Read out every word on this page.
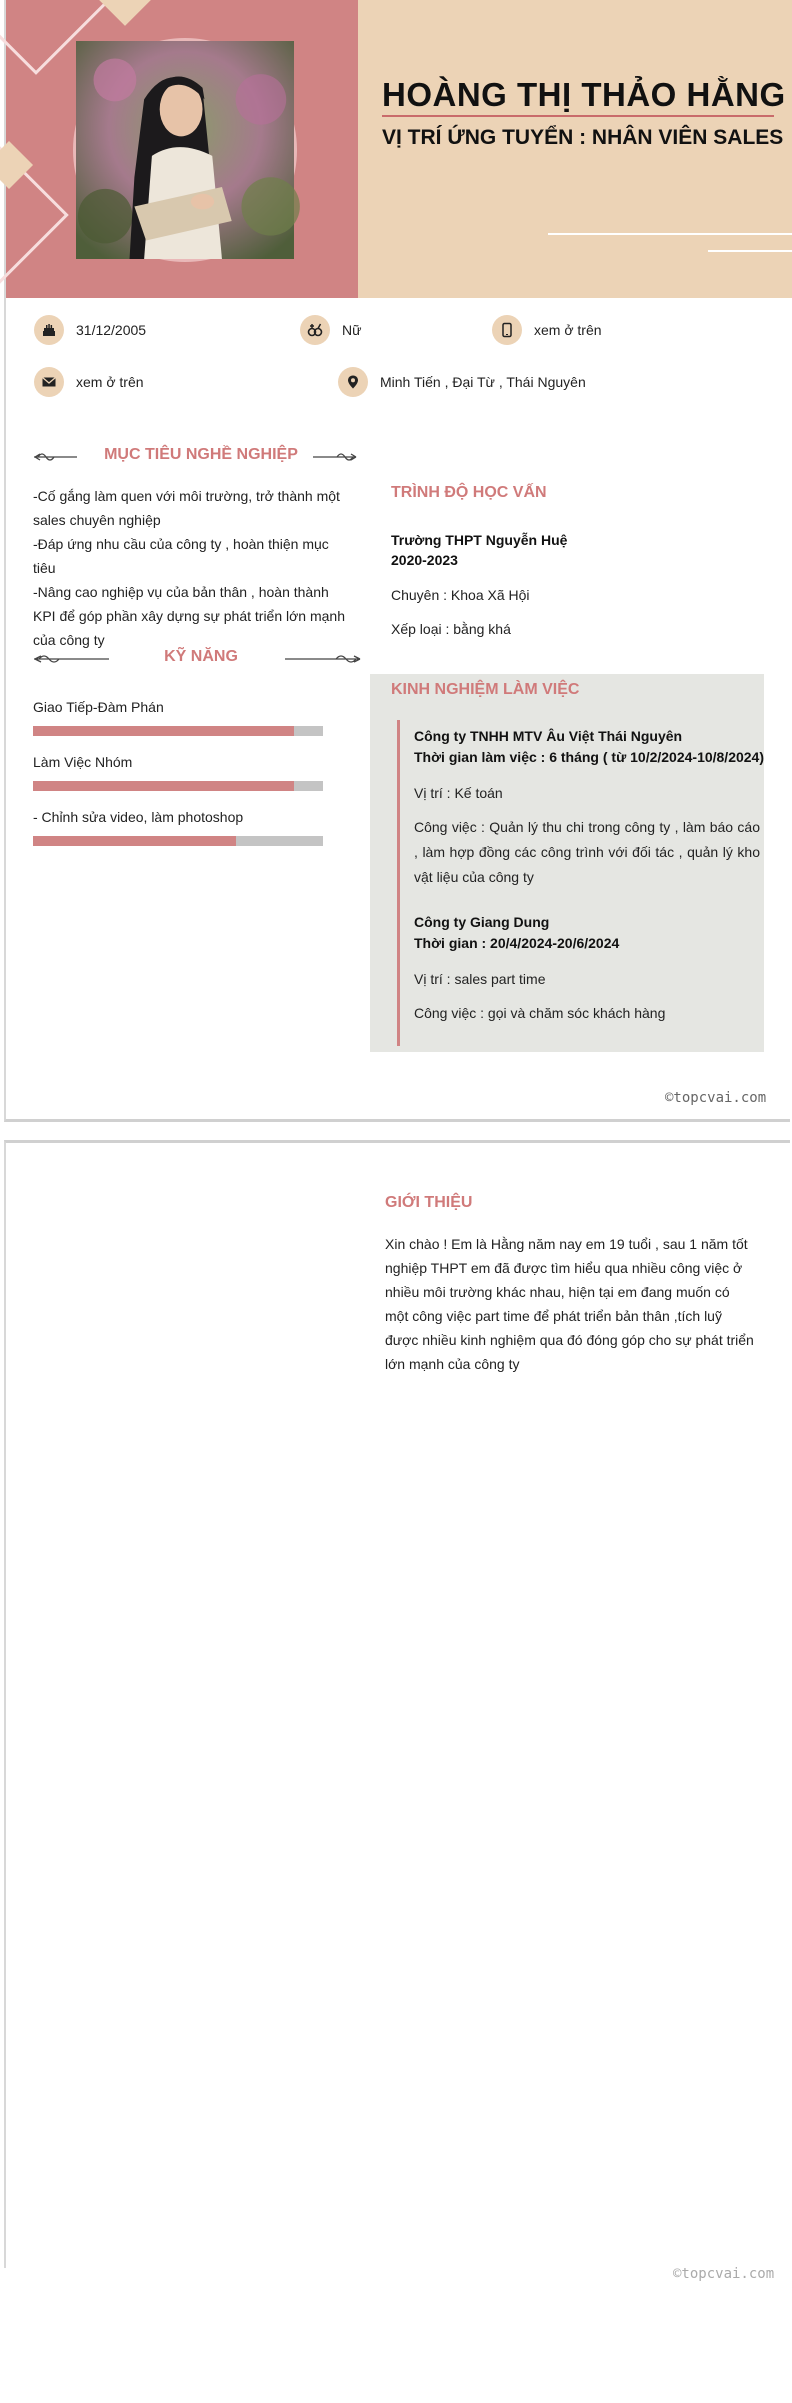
HOÀNG THỊ THẢO HẰNG
VỊ TRÍ ỨNG TUYỂN : NHÂN VIÊN SALES
31/12/2005	Nữ	xem ở trên
xem ở trên	Minh Tiến , Đại Từ , Thái Nguyên
MỤC TIÊU NGHỀ NGHIỆP
-Cố gắng làm quen với môi trường, trở thành một sales chuyên nghiệp
-Đáp ứng nhu cầu của công ty , hoàn thiện mục tiêu
-Nâng cao nghiệp vụ của bản thân , hoàn thành KPI để góp phần xây dựng sự phát triển lớn mạnh của công ty
KỸ NĂNG
Giao Tiếp-Đàm Phán
Làm Việc Nhóm
- Chỉnh sửa video, làm photoshop
TRÌNH ĐỘ HỌC VẤN
Trường THPT Nguyễn Huệ
2020-2023
Chuyên : Khoa Xã Hội
Xếp loại : bằng khá
KINH NGHIỆM LÀM VIỆC
Công ty TNHH MTV Âu Việt Thái Nguyên
Thời gian làm việc : 6 tháng ( từ 10/2/2024-10/8/2024)
Vị trí : Kế toán
Công việc : Quản lý thu chi trong công ty , làm báo cáo , làm hợp đồng các công trình với đối tác , quản lý kho vật liệu của công ty
Công ty Giang Dung
Thời gian : 20/4/2024-20/6/2024
Vị trí : sales part time
Công việc : gọi và chăm sóc khách hàng
©topcvai.com
©topcvai.com
GIỚI THIỆU
Xin chào ! Em là Hằng năm nay em 19 tuổi , sau 1 năm tốt nghiệp THPT em đã được tìm hiểu qua nhiều công việc ở nhiều môi trường khác nhau, hiện tại em đang muốn có một công việc part time để phát triển bản thân ,tích luỹ được nhiều kinh nghiệm qua đó đóng góp cho sự phát triển lớn mạnh của công ty
